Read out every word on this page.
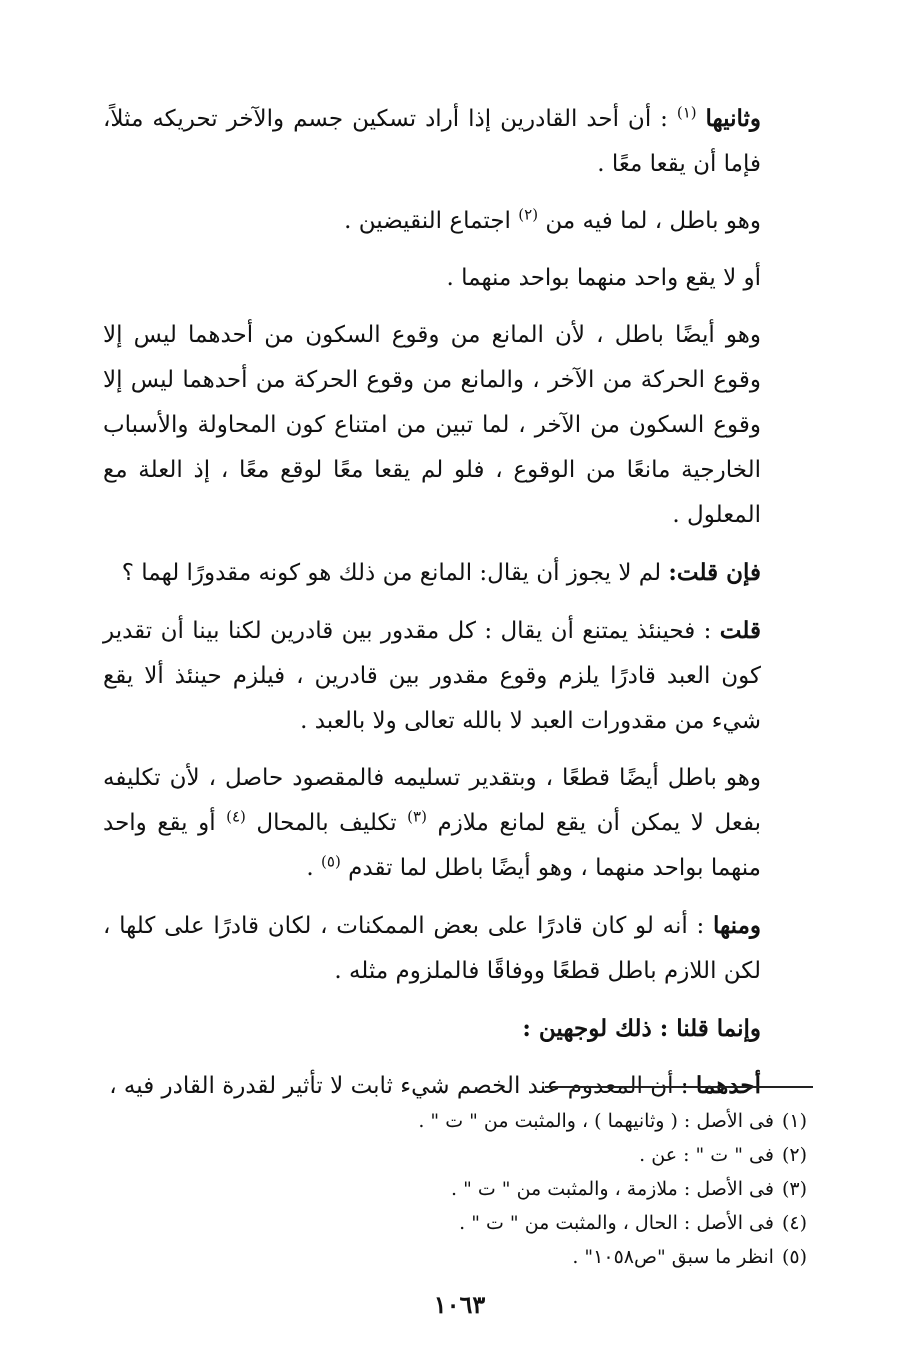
وثانيها $^{(١)}$ : أن أحد القادرين إذا أراد تسكين جسم والآخر تحريكه مثلاً، فإما أن يقعا معًا .

وهو باطل ، لما فيه من $^{(٢)}$ اجتماع النقيضين .

أو لا يقع واحد منهما بواحد منهما .

وهو أيضًا باطل ، لأن المانع من وقوع السكون من أحدهما ليس إلا وقوع الحركة من الآخر ، والمانع من وقوع الحركة من أحدهما ليس إلا وقوع السكون من الآخر ، لما تبين من امتناع كون المحاولة والأسباب الخارجية مانعًا من الوقوع ، فلو لم يقعا معًا لوقع معًا ، إذ العلة مع المعلول .

فإن قلت: لم لا يجوز أن يقال: المانع من ذلك هو كونه مقدورًا لهما ؟

قلت : فحينئذ يمتنع أن يقال : كل مقدور بين قادرين لكنا بينا أن تقدير كون العبد قادرًا يلزم وقوع مقدور بين قادرين ، فيلزم حينئذ ألا يقع شيء من مقدورات العبد لا بالله تعالى ولا بالعبد .

وهو باطل أيضًا قطعًا ، وبتقدير تسليمه فالمقصود حاصل ، لأن تكليفه بفعل لا يمكن أن يقع لمانع ملازم $^{(٣)}$ تكليف بالمحال $^{(٤)}$ أو يقع واحد منهما بواحد منهما ، وهو أيضًا باطل لما تقدم $^{(٥)}$ .

ومنها : أنه لو كان قادرًا على بعض الممكنات ، لكان قادرًا على كلها ، لكن اللازم باطل قطعًا ووفاقًا فالملزوم مثله .

وإنما قلنا : ذلك لوجهين :

أحدهما : أن المعدوم عند الخصم شيء ثابت لا تأثير لقدرة القادر فيه ،

(١)
فى الأصل : ( وثانيهما ) ، والمثبت من " ت " .
(٢)
فى " ت " : عن .
(٣)
فى الأصل : ملازمة ، والمثبت من " ت " .
(٤)
فى الأصل : الحال ، والمثبت من " ت " .
(٥)
انظر ما سبق "ص١٠٥٨" .
١٠٦٣
